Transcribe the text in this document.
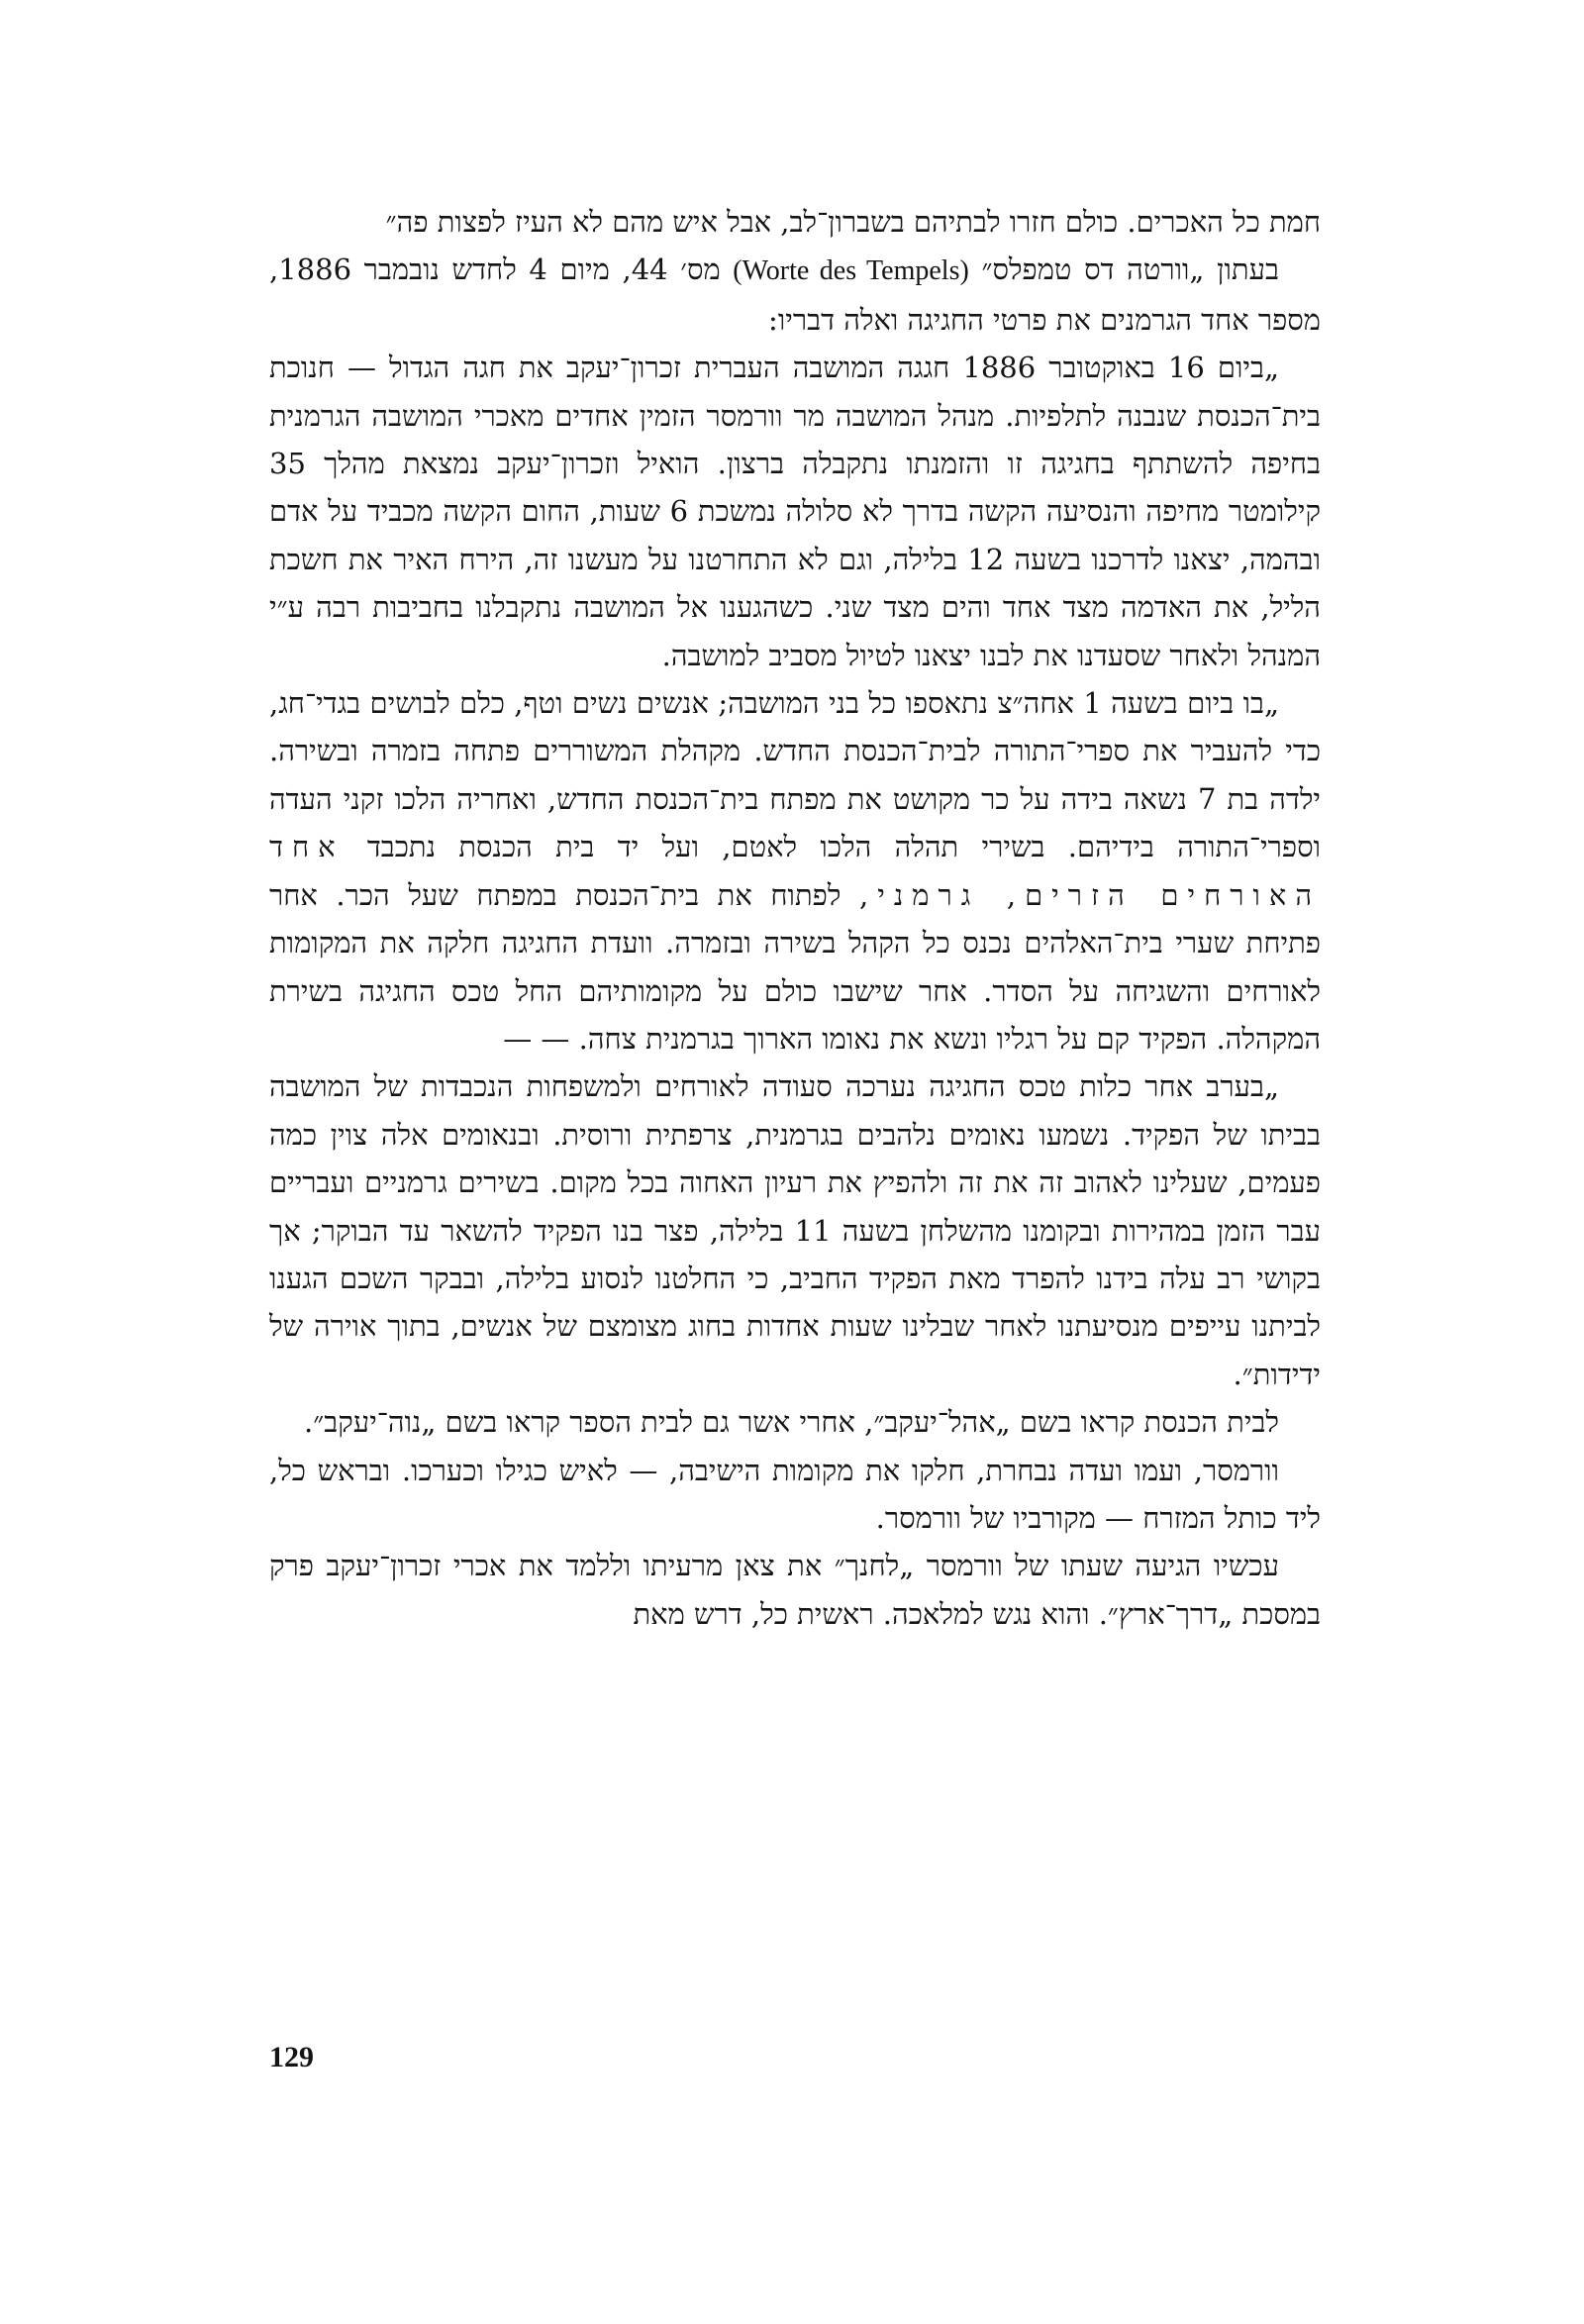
חמת כל האכרים. כולם חזרו לבתיהם בשברון־לב, אבל איש מהם לא העיז לפצות פה״

בעתון „וורטה דס טמפלס״ (Worte des Tempels) מס׳ 44, מיום 4 לחדש נובמבר 1886, מספר אחד הגרמנים את פרטי החגיגה ואלה דבריו:

„ביום 16 באוקטובר 1886 חגגה המושבה העברית זכרון־יעקב את חגה הגדול — חנוכת בית־הכנסת שנבנה לתלפיות. מנהל המושבה מר וורמסר הזמין אחדים מאכרי המושבה הגרמנית בחיפה להשתתף בחגיגה זו והזמנתו נתקבלה ברצון. הואיל וזכרון־יעקב נמצאת מהלך 35 קילומטר מחיפה והנסיעה הקשה בדרך לא סלולה נמשכת 6 שעות, החום הקשה מכביד על אדם ובהמה, יצאנו לדרכנו בשעה 12 בלילה, וגם לא התחרטנו על מעשנו זה, הירח האיר את חשכת הליל, את האדמה מצד אחד והים מצד שני. כשהגענו אל המושבה נתקבלנו בחביבות רבה ע״י המנהל ולאחר שסעדנו את לבנו יצאנו לטיול מסביב למושבה.

„בו ביום בשעה 1 אחה״צ נתאספו כל בני המושבה; אנשים נשים וטף, כלם לבושים בגדי־חג, כדי להעביר את ספרי־התורה לבית־הכנסת החדש. מקהלת המשוררים פתחה בזמרה ובשירה. ילדה בת 7 נשאה בידה על כר מקושט את מפתח בית־הכנסת החדש, ואחריה הלכו זקני העדה וספרי־התורה בידיהם. בשירי תהלה הלכו לאטם, ועל יד בית הכנסת נתכבד אחד האורחים הזרים, גרמני, לפתוח את בית־הכנסת במפתח שעל הכר. אחר פתיחת שערי בית־האלהים נכנס כל הקהל בשירה ובזמרה. וועדת החגיגה חלקה את המקומות לאורחים והשגיחה על הסדר. אחר שישבו כולם על מקומותיהם החל טכס החגיגה בשירת המקהלה. הפקיד קם על רגליו ונשא את נאומו הארוך בגרמנית צחה. — —

„בערב אחר כלות טכס החגיגה נערכה סעודה לאורחים ולמשפחות הנכבדות של המושבה בביתו של הפקיד. נשמעו נאומים נלהבים בגרמנית, צרפתית ורוסית. ובנאומים אלה צוין כמה פעמים, שעלינו לאהוב זה את זה ולהפיץ את רעיון האחוה בכל מקום. בשירים גרמניים ועבריים עבר הזמן במהירות ובקומנו מהשלחן בשעה 11 בלילה, פצר בנו הפקיד להשאר עד הבוקר; אך בקושי רב עלה בידנו להפרד מאת הפקיד החביב, כי החלטנו לנסוע בלילה, ובבקר השכם הגענו לביתנו עייפים מנסיעתנו לאחר שבלינו שעות אחדות בחוג מצומצם של אנשים, בתוך אוירה של ידידות״.

לבית הכנסת קראו בשם „אהל־יעקב״, אחרי אשר גם לבית הספר קראו בשם „נוה־יעקב״.

וורמסר, ועמו ועדה נבחרת, חלקו את מקומות הישיבה, — לאיש כגילו וכערכו. ובראש כל, ליד כותל המזרח — מקורביו של וורמסר.

עכשיו הגיעה שעתו של וורמסר „לחנך״ את צאן מרעיתו וללמד את אכרי זכרון־יעקב פרק במסכת „דרך־ארץ״. והוא נגש למלאכה. ראשית כל, דרש מאת

129
